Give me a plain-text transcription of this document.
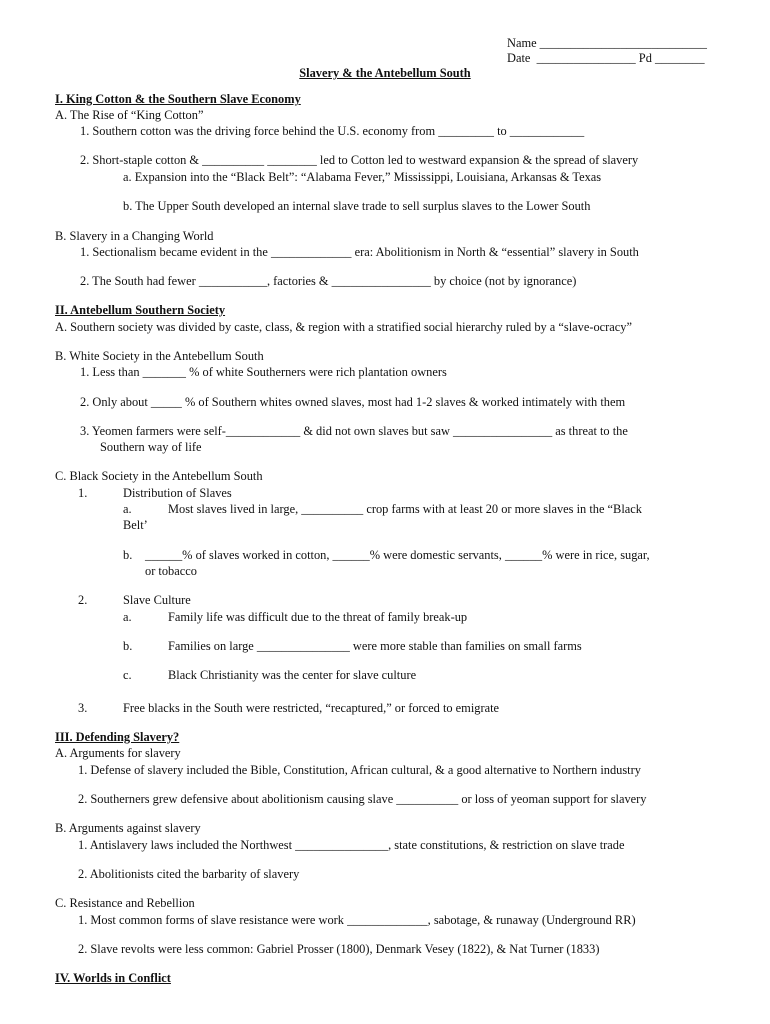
Name ___________________________
Date  ________________ Pd ________
Slavery & the Antebellum South
I. King Cotton & the Southern Slave Economy
A. The Rise of “King Cotton”
1. Southern cotton was the driving force behind the U.S. economy from _________ to ____________
2. Short-staple cotton & __________ ________ led to Cotton led to westward expansion & the spread of slavery
a. Expansion into the “Black Belt”: “Alabama Fever,” Mississippi, Louisiana, Arkansas & Texas
b. The Upper South developed an internal slave trade to sell surplus slaves to the Lower South
B. Slavery in a Changing World
1. Sectionalism became evident in the _____________ era: Abolitionism in North & “essential” slavery in South
2. The South had fewer ___________, factories & ________________ by choice (not by ignorance)
II. Antebellum Southern Society
A. Southern society was divided by caste, class, & region with a stratified social hierarchy ruled by a “slave-ocracy”
B. White Society in the Antebellum South
1. Less than _______ % of white Southerners were rich plantation owners
2. Only about _____ % of Southern whites owned slaves, most had 1-2 slaves & worked intimately with them
3. Yeomen farmers were self-____________ & did not own slaves but saw ________________ as threat to the
Southern way of life
C. Black Society in the Antebellum South
1.	Distribution of Slaves
a.	Most slaves lived in large, __________ crop farms with at least 20 or more slaves in the “Black
Belt’
b. ______% of slaves worked in cotton, ______% were domestic servants, ______% were in rice, sugar,
or tobacco
2.	Slave Culture
a.	Family life was difficult due to the threat of family break-up
b.	Families on large _______________ were more stable than families on small farms
c.	Black Christianity was the center for slave culture
3.	Free blacks in the South were restricted, “recaptured,” or forced to emigrate
III. Defending Slavery?
A. Arguments for slavery
1. Defense of slavery included the Bible, Constitution, African cultural, & a good alternative to Northern industry
2. Southerners grew defensive about abolitionism causing slave __________ or loss of yeoman support for slavery
B. Arguments against slavery
1. Antislavery laws included the Northwest _______________, state constitutions, & restriction on slave trade
2. Abolitionists cited the barbarity of slavery
C. Resistance and Rebellion
1. Most common forms of slave resistance were work _____________, sabotage, & runaway (Underground RR)
2. Slave revolts were less common: Gabriel Prosser (1800), Denmark Vesey (1822), & Nat Turner (1833)
IV. Worlds in Conflict
